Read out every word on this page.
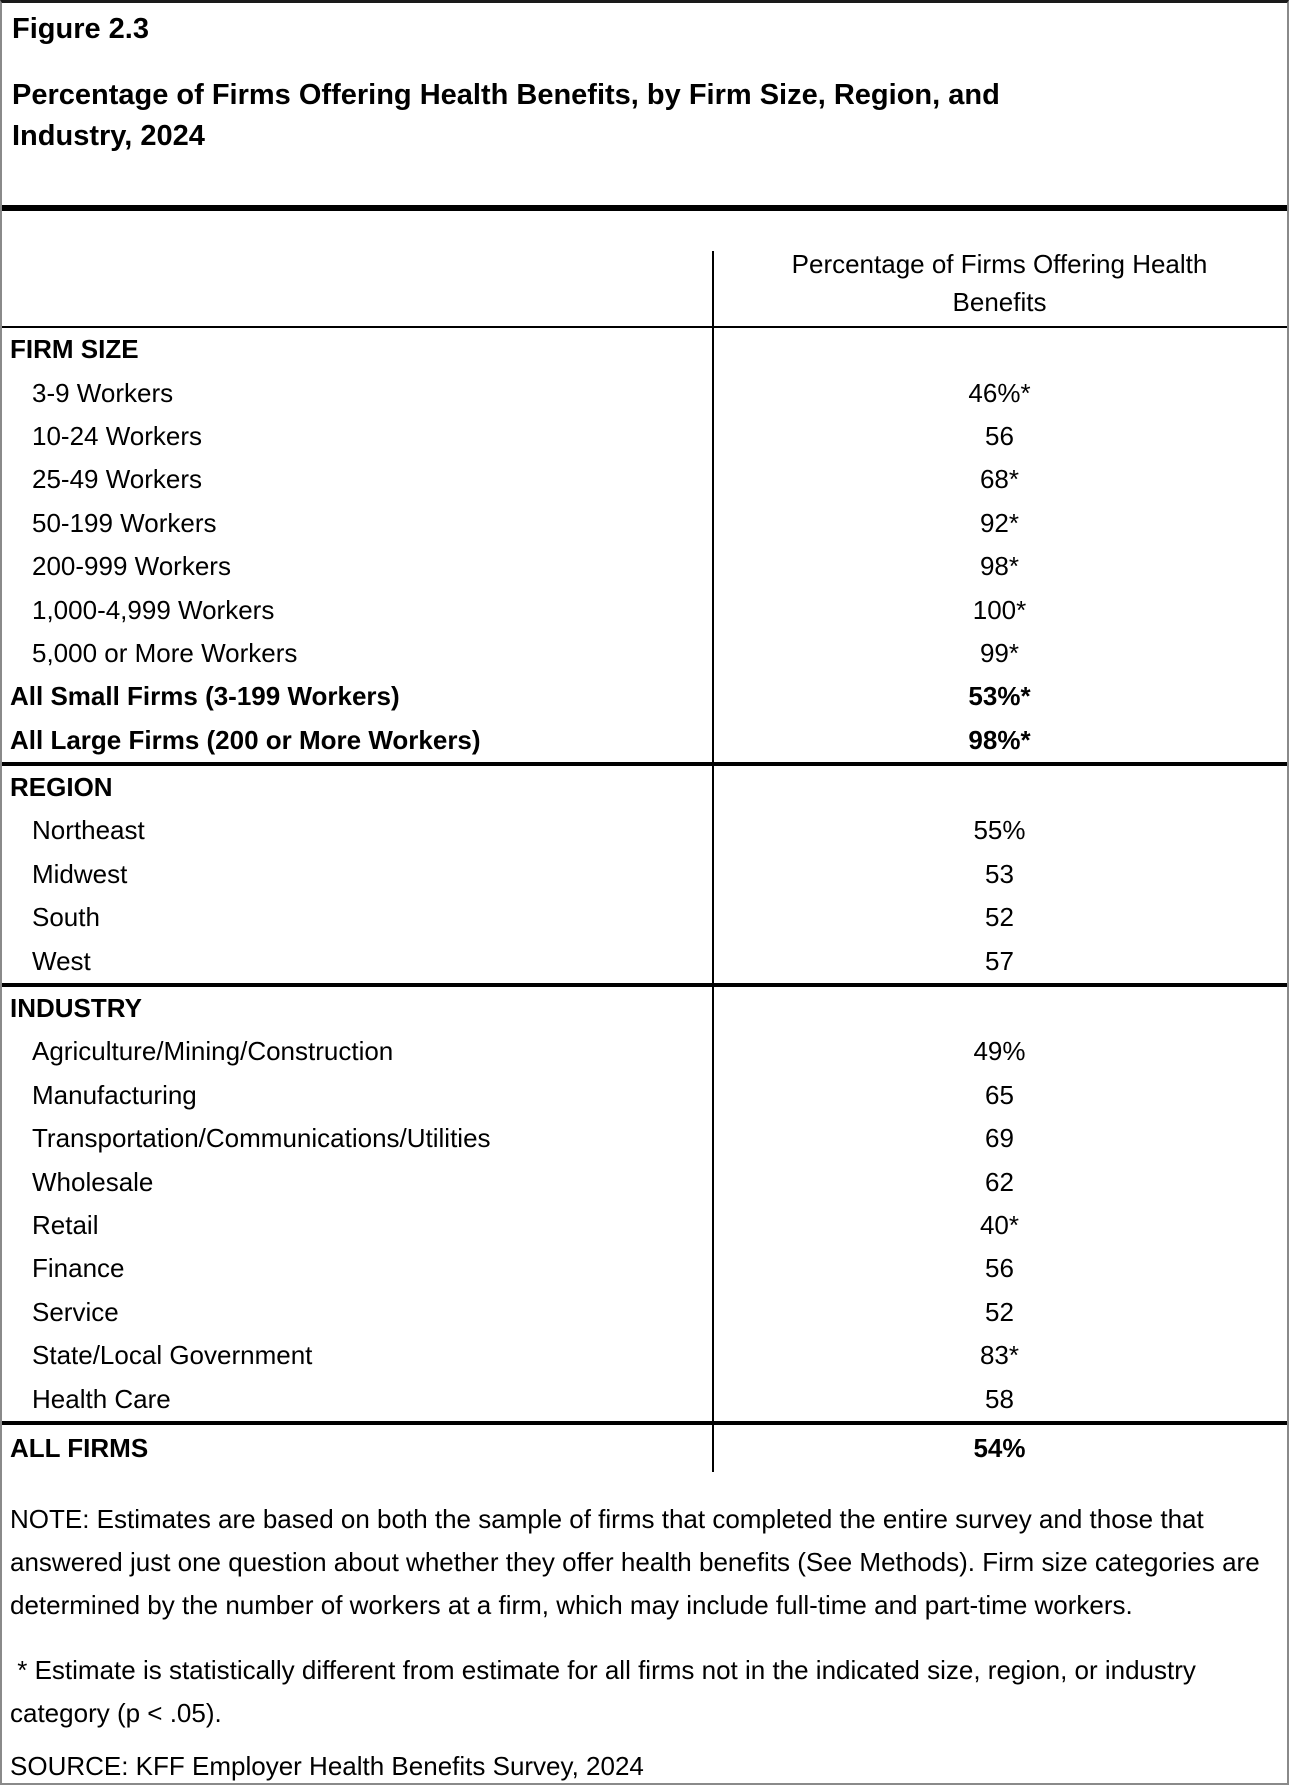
Figure 2.3
Percentage of Firms Offering Health Benefits, by Firm Size, Region, and Industry, 2024
Percentage of Firms Offering Health Benefits
FIRM SIZE
3-9 Workers	46%*
10-24 Workers	56
25-49 Workers	68*
50-199 Workers	92*
200-999 Workers	98*
1,000-4,999 Workers	100*
5,000 or More Workers	99*
All Small Firms (3-199 Workers)	53%*
All Large Firms (200 or More Workers)	98%*
REGION
Northeast	55%
Midwest	53
South	52
West	57
INDUSTRY
Agriculture/Mining/Construction	49%
Manufacturing	65
Transportation/Communications/Utilities	69
Wholesale	62
Retail	40*
Finance	56
Service	52
State/Local Government	83*
Health Care	58
ALL FIRMS	54%
NOTE: Estimates are based on both the sample of firms that completed the entire survey and those that answered just one question about whether they offer health benefits (See Methods). Firm size categories are determined by the number of workers at a firm, which may include full-time and part-time workers.
* Estimate is statistically different from estimate for all firms not in the indicated size, region, or industry category (p < .05).
SOURCE: KFF Employer Health Benefits Survey, 2024
